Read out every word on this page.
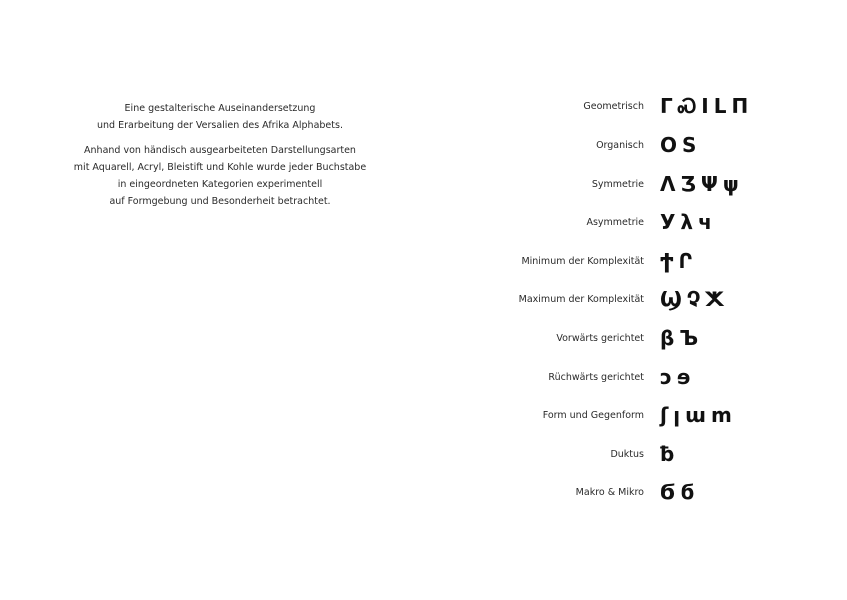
Eine gestalterische Auseinandersetzung
und Erarbeitung der Versalien des Afrika Alphabets.

Anhand von händisch ausgearbeiteten Darstellungsarten
mit Aquarell, Acryl, Bleistift und Kohle wurde jeder Buchstabe
in eingeordneten Kategorien experimentell
auf Formgebung und Besonderheit betrachtet.

Geometrisch ΓᏍILΠ
Organisch OS
Symmetrie ΛƷΨψ
Asymmetrie Уλч
Minimum der Komplexität ϮՐ
Maximum der Komplexität ϢՉⵅ
Vorwärts gerichtet βЪ
Rüchwärts gerichtet ɔɘ
Form und Gegenform ʃꞁɯm
Duktus ƀ
Makro & Mikro Ϭϭ
